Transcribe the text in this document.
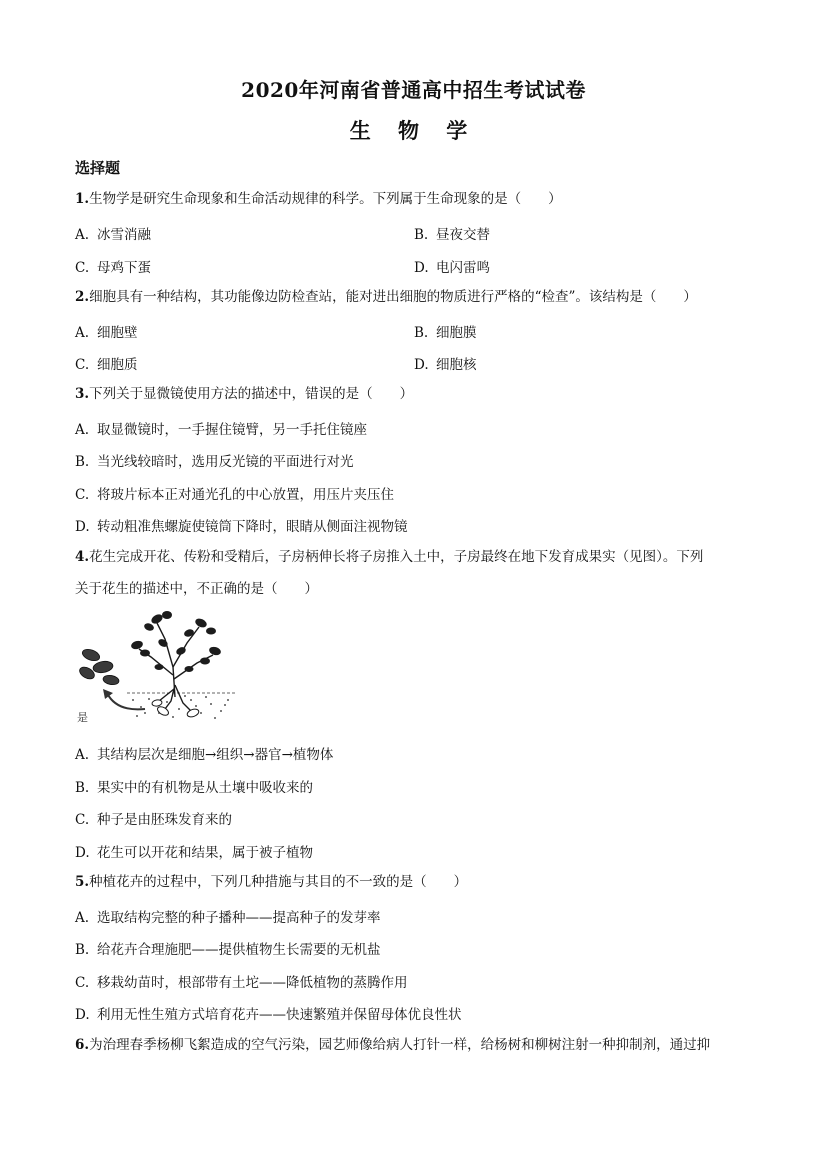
2020年河南省普通高中招生考试试卷
生 物 学
选择题
1.生物学是研究生命现象和生命活动规律的科学。下列属于生命现象的是（　　）
A. 冰雪消融	B. 昼夜交替
C. 母鸡下蛋	D. 电闪雷鸣
2.细胞具有一种结构，其功能像边防检查站，能对进出细胞的物质进行严格的“检查”。该结构是（　　）
A. 细胞壁	B. 细胞膜
C. 细胞质	D. 细胞核
3.下列关于显微镜使用方法的描述中，错误的是（　　）
A. 取显微镜时，一手握住镜臂，另一手托住镜座
B. 当光线较暗时，选用反光镜的平面进行对光
C. 将玻片标本正对通光孔的中心放置，用压片夹压住
D. 转动粗准焦螺旋使镜筒下降时，眼睛从侧面注视物镜
4.花生完成开花、传粉和受精后，子房柄伸长将子房推入土中，子房最终在地下发育成果实（见图）。下列
关于花生的描述中，不正确的是（　　）
是
A. 其结构层次是细胞→组织→器官→植物体
B. 果实中的有机物是从土壤中吸收来的
C. 种子是由胚珠发育来的
D. 花生可以开花和结果，属于被子植物
5.种植花卉的过程中，下列几种措施与其目的不一致的是（　　）
A. 选取结构完整的种子播种——提高种子的发芽率
B. 给花卉合理施肥——提供植物生长需要的无机盐
C. 移栽幼苗时，根部带有土坨——降低植物的蒸腾作用
D. 利用无性生殖方式培育花卉——快速繁殖并保留母体优良性状
6.为治理春季杨柳飞絮造成的空气污染，园艺师像给病人打针一样，给杨树和柳树注射一种抑制剂，通过抑
